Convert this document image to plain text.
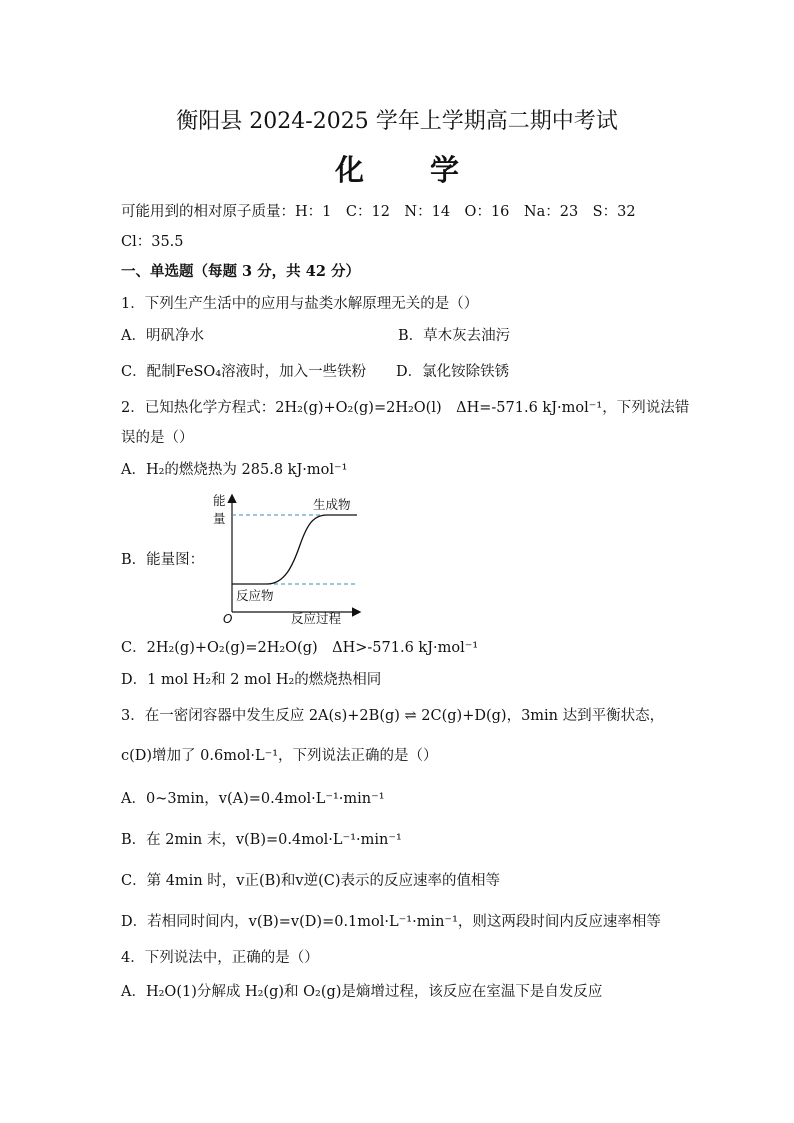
衡阳县 2024-2025 学年上学期高二期中考试
化 学
可能用到的相对原子质量：H：1　C：12　N：14　O：16　Na：23　S：32
Cl：35.5
一、单选题（每题 3 分，共 42 分）
1．下列生产生活中的应用与盐类水解原理无关的是（）
A．明矾净水	B．草木灰去油污
C．配制FeSO₄溶液时，加入一些铁粉 D．氯化铵除铁锈
2．已知热化学方程式：2H₂(g)+O₂(g)=2H₂O(l)　ΔH=-571.6 kJ·mol⁻¹，下列说法错
误的是（）
A．H₂的燃烧热为 285.8 kJ·mol⁻¹
B．能量图：
能
量
生成物
反应物
O	反应过程
C．2H₂(g)+O₂(g)=2H₂O(g)　ΔH>-571.6 kJ·mol⁻¹
D．1 mol H₂和 2 mol H₂的燃烧热相同
3．在一密闭容器中发生反应 2A(s)+2B(g) ⇌ 2C(g)+D(g)，3min 达到平衡状态，
c(D)增加了 0.6mol·L⁻¹，下列说法正确的是（）
A．0~3min，v(A)=0.4mol·L⁻¹·min⁻¹
B．在 2min 末，v(B)=0.4mol·L⁻¹·min⁻¹
C．第 4min 时，v正(B)和v逆(C)表示的反应速率的值相等
D．若相同时间内，v(B)=v(D)=0.1mol·L⁻¹·min⁻¹，则这两段时间内反应速率相等
4．下列说法中，正确的是（）
A．H₂O(1)分解成 H₂(g)和 O₂(g)是熵增过程，该反应在室温下是自发反应
